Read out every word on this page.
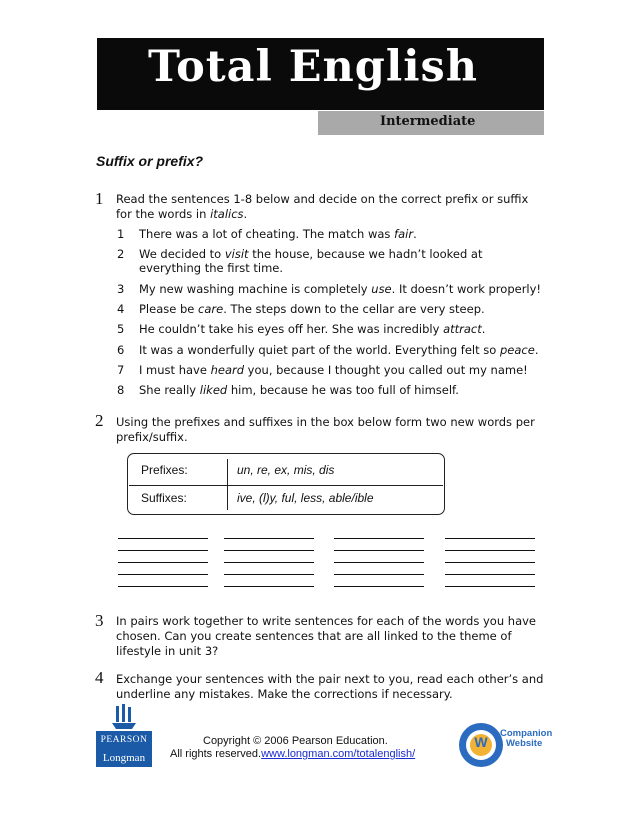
Total English
Intermediate
Suffix or prefix?
1 Read the sentences 1-8 below and decide on the correct prefix or suffix
for the words in italics.
1 There was a lot of cheating. The match was fair.
2 We decided to visit the house, because we hadn’t looked at
everything the first time.
3 My new washing machine is completely use. It doesn’t work properly!
4 Please be care. The steps down to the cellar are very steep.
5 He couldn’t take his eyes off her. She was incredibly attract.
6 It was a wonderfully quiet part of the world. Everything felt so peace.
7 I must have heard you, because I thought you called out my name!
8 She really liked him, because he was too full of himself.
2 Using the prefixes and suffixes in the box below form two new words per
prefix/suffix.
Prefixes:	un, re, ex, mis, dis
Suffixes:	ive, (l)y, ful, less, able/ible
3 In pairs work together to write sentences for each of the words you have
chosen. Can you create sentences that are all linked to the theme of
lifestyle in unit 3?
4 Exchange your sentences with the pair next to you, read each other’s and
underline any mistakes. Make the corrections if necessary.
PEARSON
Longman
Copyright © 2006 Pearson Education.
All rights reserved.www.longman.com/totalenglish/
W
Companion
Website
